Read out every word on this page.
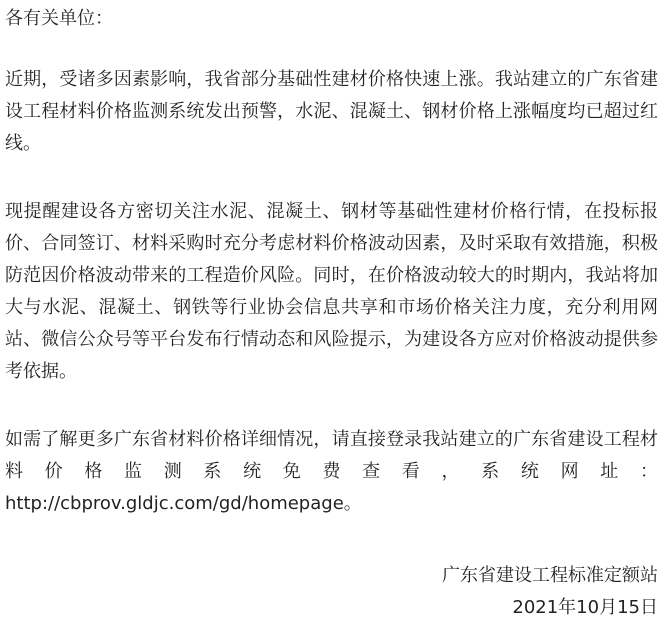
各有关单位：
近期，受诸多因素影响，我省部分基础性建材价格快速上涨。我站建立的广东省建
设工程材料价格监测系统发出预警，水泥、混凝土、钢材价格上涨幅度均已超过红
线。
现提醒建设各方密切关注水泥、混凝土、钢材等基础性建材价格行情，在投标报
价、合同签订、材料采购时充分考虑材料价格波动因素，及时采取有效措施，积极
防范因价格波动带来的工程造价风险。同时，在价格波动较大的时期内，我站将加
大与水泥、混凝土、钢铁等行业协会信息共享和市场价格关注力度，充分利用网
站、微信公众号等平台发布行情动态和风险提示，为建设各方应对价格波动提供参
考依据。
如需了解更多广东省材料价格详细情况，请直接登录我站建立的广东省建设工程材
料 价 格 监 测 系 统 免 费 查 看 ， 系 统 网 址 ：
http://cbprov.gldjc.com/gd/homepage。
广东省建设工程标准定额站
2021年10月15日
